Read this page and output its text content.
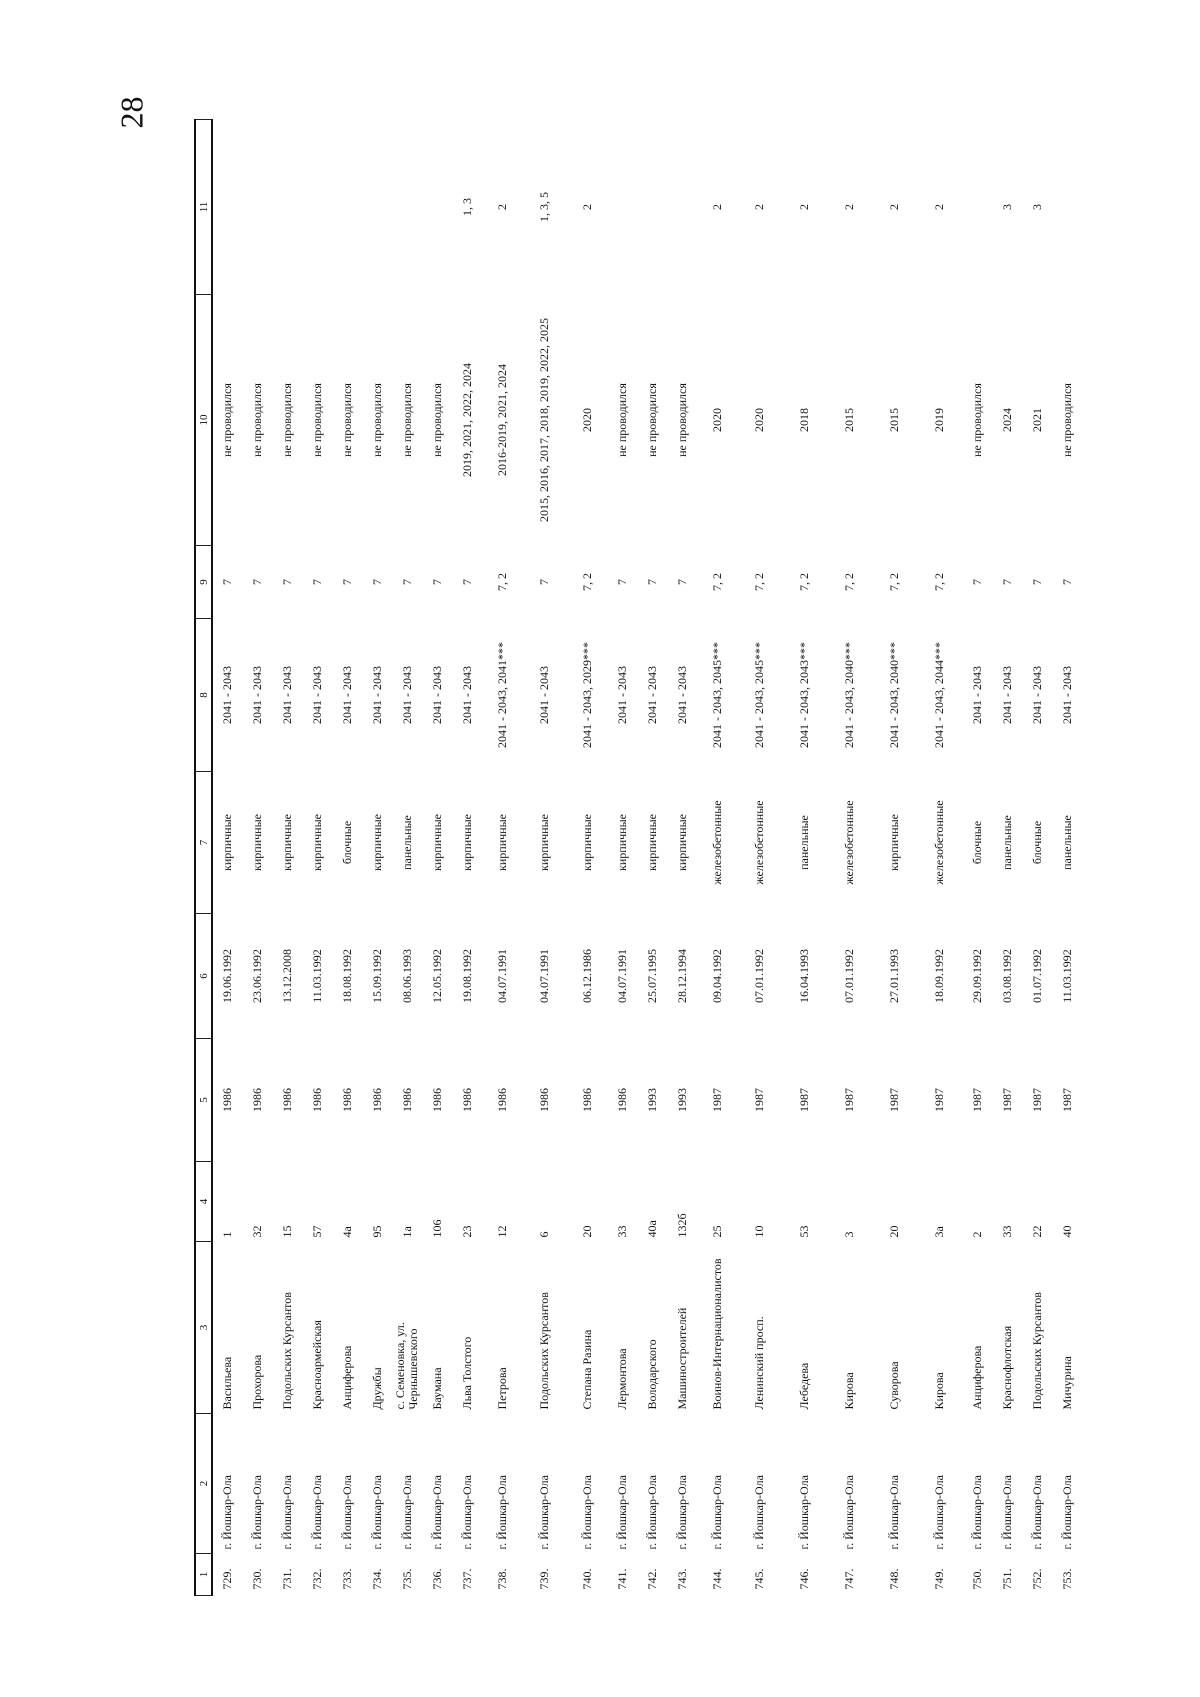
28
1	2	3	4	5	6	7	8	9	10	11
729.	г. Йошкар-Ола	Васильева	1	1986	19.06.1992	кирпичные	2041 - 2043	7	не проводился	
730.	г. Йошкар-Ола	Прохорова	32	1986	23.06.1992	кирпичные	2041 - 2043	7	не проводился	
731.	г. Йошкар-Ола	Подольских Курсантов	15	1986	13.12.2008	кирпичные	2041 - 2043	7	не проводился	
732.	г. Йошкар-Ола	Красноармейская	57	1986	11.03.1992	кирпичные	2041 - 2043	7	не проводился	
733.	г. Йошкар-Ола	Анциферова	4а	1986	18.08.1992	блочные	2041 - 2043	7	не проводился	
734.	г. Йошкар-Ола	Дружбы	95	1986	15.09.1992	кирпичные	2041 - 2043	7	не проводился	
735.	г. Йошкар-Ола	с. Семеновка, ул. Чернышевского	1а	1986	08.06.1993	панельные	2041 - 2043	7	не проводился	
736.	г. Йошкар-Ола	Баумана	106	1986	12.05.1992	кирпичные	2041 - 2043	7	не проводился	
737.	г. Йошкар-Ола	Льва Толстого	23	1986	19.08.1992	кирпичные	2041 - 2043	7	2019, 2021, 2022, 2024	1, 3
738.	г. Йошкар-Ола	Петрова	12	1986	04.07.1991	кирпичные	2041 - 2043, 2041***	7, 2	2016-2019, 2021, 2024	2
739.	г. Йошкар-Ола	Подольских Курсантов	6	1986	04.07.1991	кирпичные	2041 - 2043	7	2015, 2016, 2017, 2018, 2019, 2022, 2025	1, 3, 5
740.	г. Йошкар-Ола	Степана Разина	20	1986	06.12.1986	кирпичные	2041 - 2043, 2029***	7, 2	2020	2
741.	г. Йошкар-Ола	Лермонтова	33	1986	04.07.1991	кирпичные	2041 - 2043	7	не проводился	
742.	г. Йошкар-Ола	Володарского	40а	1993	25.07.1995	кирпичные	2041 - 2043	7	не проводился	
743.	г. Йошкар-Ола	Машиностроителей	132б	1993	28.12.1994	кирпичные	2041 - 2043	7	не проводился	
744.	г. Йошкар-Ола	Воинов-Интернационалистов	25	1987	09.04.1992	железобетонные	2041 - 2043, 2045***	7, 2	2020	2
745.	г. Йошкар-Ола	Ленинский просп.	10	1987	07.01.1992	железобетонные	2041 - 2043, 2045***	7, 2	2020	2
746.	г. Йошкар-Ола	Лебедева	53	1987	16.04.1993	панельные	2041 - 2043, 2043***	7, 2	2018	2
747.	г. Йошкар-Ола	Кирова	3	1987	07.01.1992	железобетонные	2041 - 2043, 2040***	7, 2	2015	2
748.	г. Йошкар-Ола	Суворова	20	1987	27.01.1993	кирпичные	2041 - 2043, 2040***	7, 2	2015	2
749.	г. Йошкар-Ола	Кирова	3а	1987	18.09.1992	железобетонные	2041 - 2043, 2044***	7, 2	2019	2
750.	г. Йошкар-Ола	Анциферова	2	1987	29.09.1992	блочные	2041 - 2043	7	не проводился	
751.	г. Йошкар-Ола	Краснофлотская	33	1987	03.08.1992	панельные	2041 - 2043	7	2024	3
752.	г. Йошкар-Ола	Подольских Курсантов	22	1987	01.07.1992	блочные	2041 - 2043	7	2021	3
753.	г. Йошкар-Ола	Мичурина	40	1987	11.03.1992	панельные	2041 - 2043	7	не проводился	
